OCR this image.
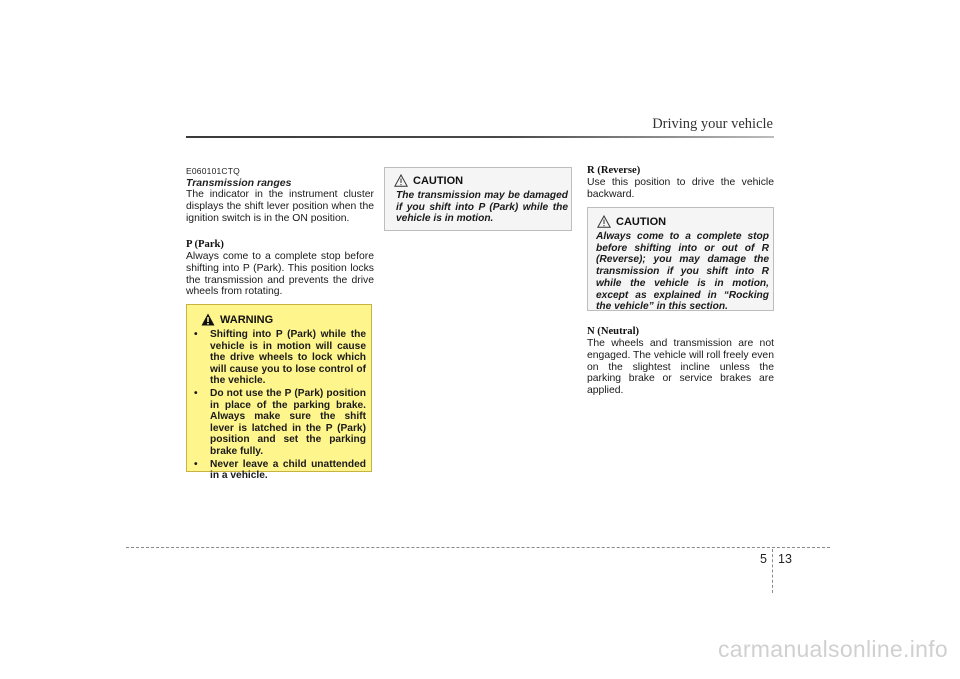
Driving your vehicle
E060101CTQ
Transmission ranges
The indicator in the instrument cluster displays the shift lever position when the ignition switch is in the ON position.
P (Park)
Always come to a complete stop before shifting into P (Park). This position locks the transmission and prevents the drive wheels from rotating.
WARNING
• Shifting into P (Park) while the vehicle is in motion will cause the drive wheels to lock which will cause you to lose control of the vehicle.
• Do not use the P (Park) position in place of the parking brake. Always make sure the shift lever is latched in the P (Park) position and set the parking brake fully.
• Never leave a child unattended in a vehicle.
CAUTION
The transmission may be damaged if you shift into P (Park) while the vehicle is in motion.
R (Reverse)
Use this position to drive the vehicle backward.
CAUTION
Always come to a complete stop before shifting into or out of R (Reverse); you may damage the transmission if you shift into R while the vehicle is in motion, except as explained in “Rocking the vehicle” in this section.
N (Neutral)
The wheels and transmission are not engaged. The vehicle will roll freely even on the slightest incline unless the parking brake or service brakes are applied.
5 13
carmanualsonline.info
